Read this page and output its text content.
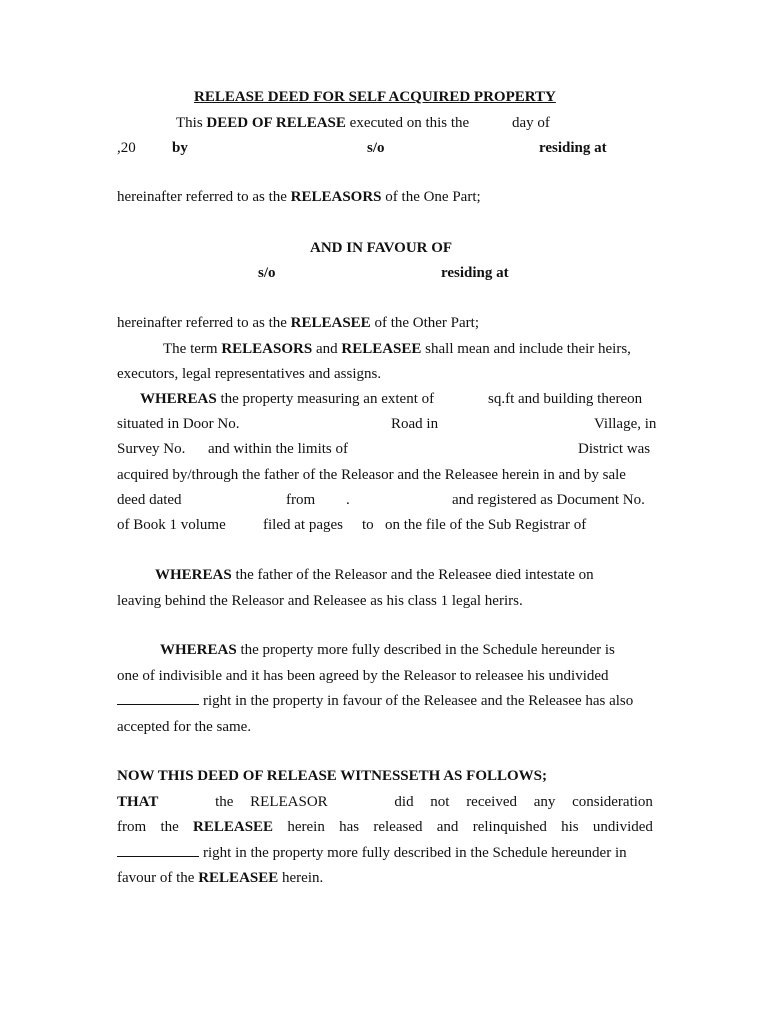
RELEASE DEED FOR SELF ACQUIRED PROPERTY
This DEED OF RELEASE executed on this the	day of
,20 by	s/o	residing at
hereinafter referred to as the RELEASORS of the One Part;
AND IN FAVOUR OF
s/o	residing at
hereinafter referred to as the RELEASEE of the Other Part;
The term RELEASORS and RELEASEE shall mean and include their heirs,
executors, legal representatives and assigns.
WHEREAS the property measuring an extent of	sq.ft and building thereon
situated in Door No.	Road in	Village, in
Survey No. and within the limits of	District was
acquired by/through the father of the Releasor and the Releasee herein in and by sale
deed dated	from .	and registered as Document No.
of Book 1 volume filed at pages to on the file of the Sub Registrar of
WHEREAS the father of the Releasor and the Releasee died intestate on
leaving behind the Releasor and Releasee as his class 1 legal herirs.
WHEREAS the property more fully described in the Schedule hereunder is
one of indivisible and it has been agreed by the Releasor to releasee his undivided
right in the property in favour of the Releasee and the Releasee has also
accepted for the same.
NOW THIS DEED OF RELEASE WITNESSETH AS FOLLOWS;
THAT	the RELEASOR	did not received any consideration
from the RELEASEE herein has released and relinquished his undivided
right in the property more fully described in the Schedule hereunder in
favour of the RELEASEE herein.
